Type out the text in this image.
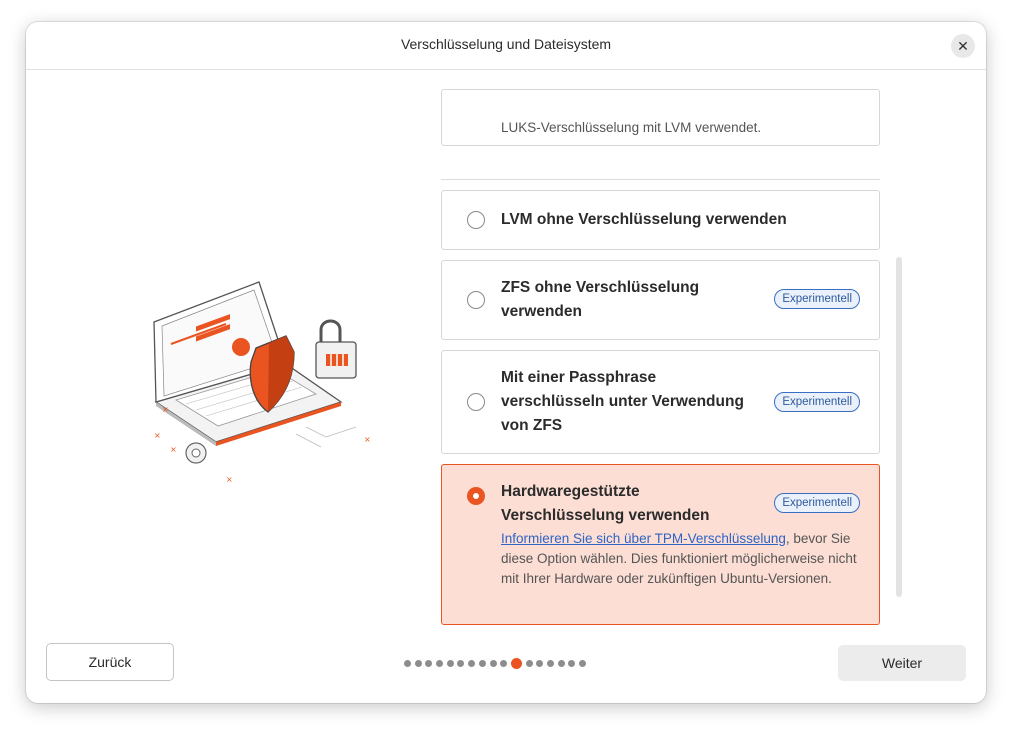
Verschlüsselung und Dateisystem	✕
×
×
×
×
×
LUKS-Verschlüsselung mit LVM verwendet.
LVM ohne Verschlüsselung verwenden
ZFS ohne Verschlüsselung
verwenden
Experimentell
Mit einer Passphrase
verschlüsseln unter Verwendung
von ZFS
Experimentell
Hardwaregestützte
Verschlüsselung verwenden
Experimentell
Informieren Sie sich über TPM-Verschlüsselung, bevor Sie diese Option wählen. Dies funktioniert möglicherweise nicht mit Ihrer Hardware oder zukünftigen Ubuntu-Versionen.
Zurück	Weiter
